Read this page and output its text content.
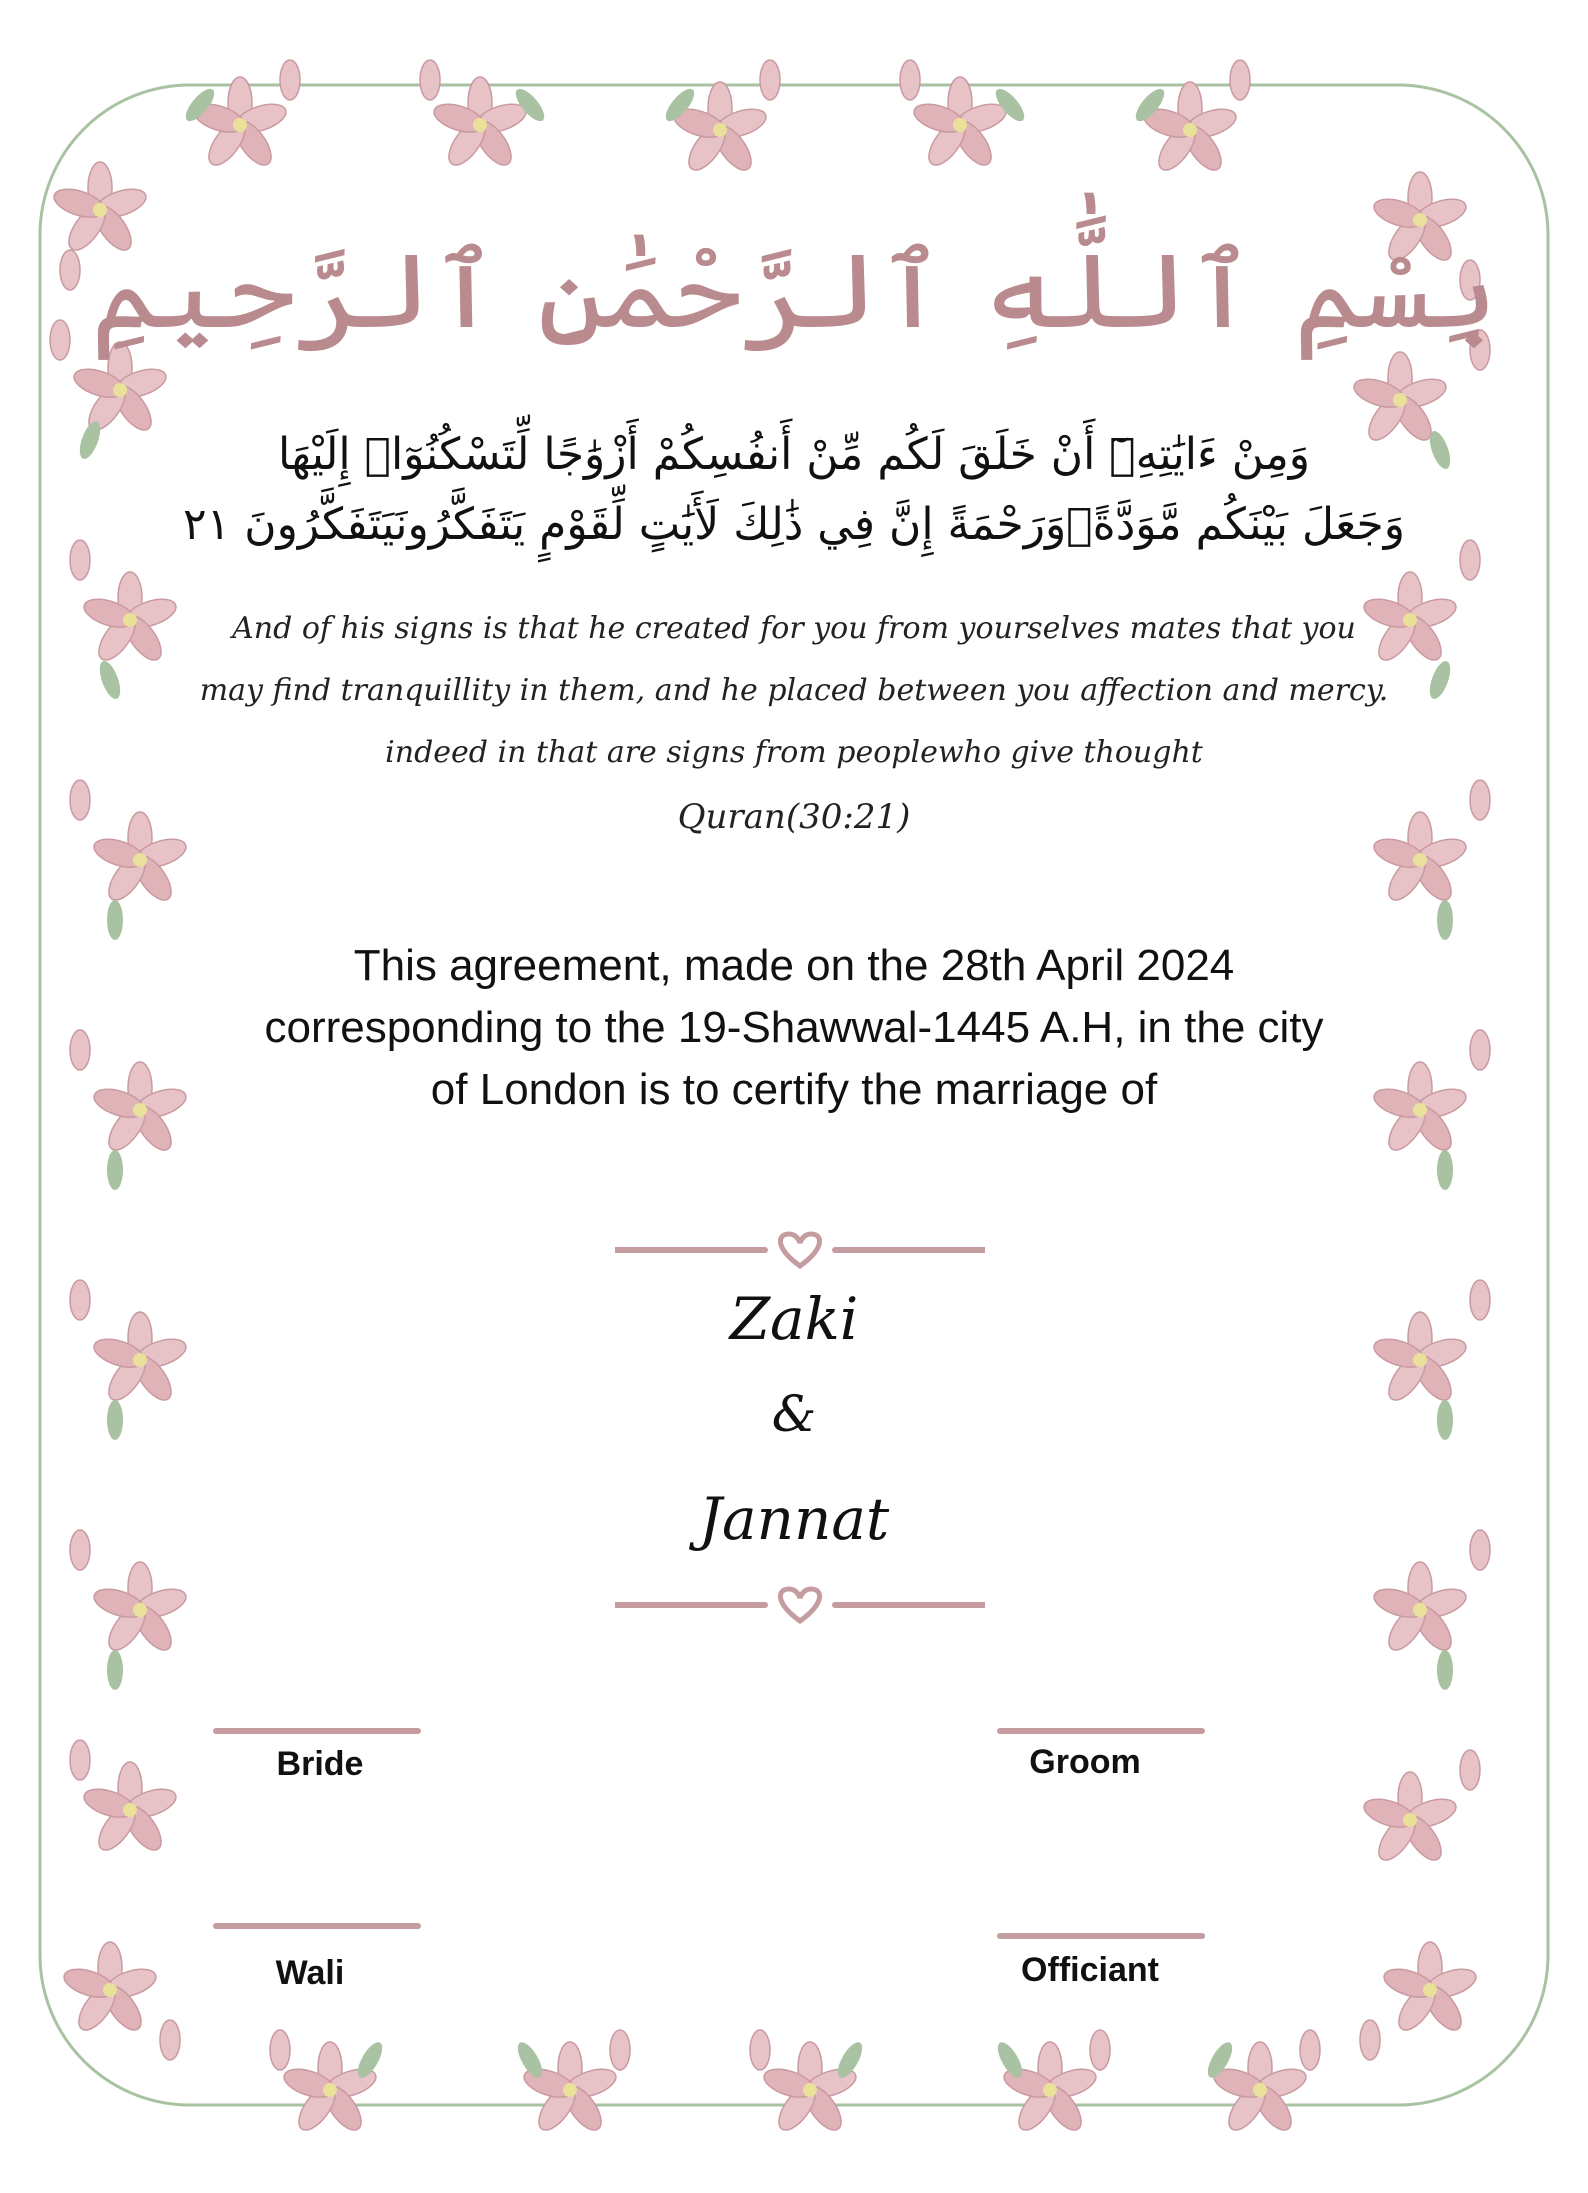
بِسْمِ ٱللَّٰهِ ٱلرَّحْمَٰنِ ٱلرَّحِيمِ
وَمِنْ ءَايَٰتِهِۦٓ أَنْ خَلَقَ لَكُم مِّنْ أَنفُسِكُمْ أَزْوَٰجًا لِّتَسْكُنُوٓا۟ إِلَيْهَا
وَجَعَلَ بَيْنَكُم مَّوَدَّةًۭوَرَحْمَةً إِنَّ فِي ذَٰلِكَ لَأَيَٰتٍ لِّقَوْمٍ يَتَفَكَّرُونَيَتَفَكَّرُونَ ٢١
And of his signs is that he created for you from yourselves mates that you
may find tranquillity in them, and he placed between you affection and mercy.
indeed in that are signs from peoplewho give thought
Quran(30:21)
This agreement, made on the 28th April 2024
corresponding to the 19-Shawwal-1445 A.H, in the city
of London is to certify the marriage of
Zaki
&
Jannat
Bride	Groom
Wali	Officiant
